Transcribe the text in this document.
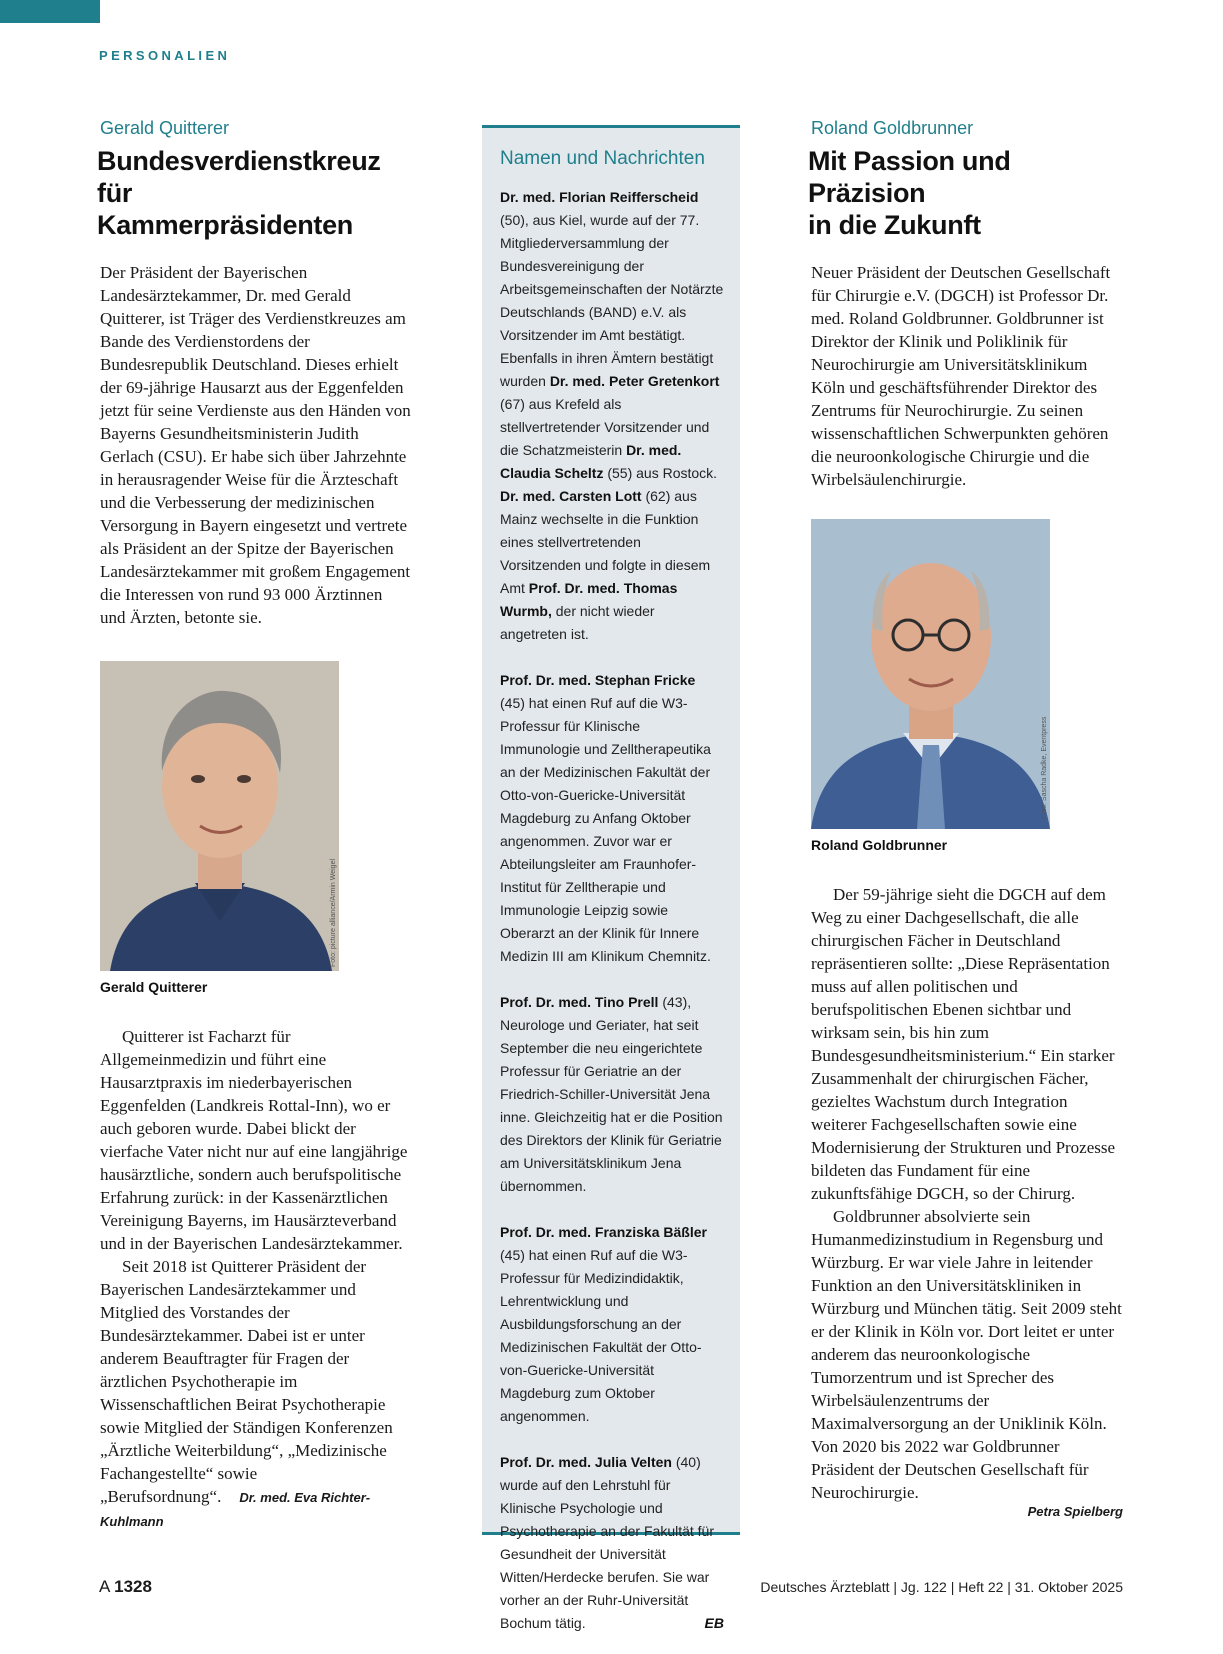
PERSONALIEN
Gerald Quitterer
Bundesverdienstkreuz für
Kammerpräsidenten

Der Präsident der Bayerischen Landesärztekammer, Dr. med Gerald Quitterer, ist Träger des Verdienstkreuzes am Bande des Verdienstordens der Bundesrepublik Deutschland. Dieses erhielt der 69-jährige Hausarzt aus der Eggenfelden jetzt für seine Verdienste aus den Händen von Bayerns Gesundheitsministerin Judith Gerlach (CSU). Er habe sich über Jahrzehnte in herausragender Weise für die Ärzteschaft und die Verbesserung der medizinischen Versorgung in Bayern eingesetzt und vertrete als Präsident an der Spitze der Bayerischen Landesärztekammer mit großem Engagement die Interessen von rund 93 000 Ärztinnen und Ärzten, betonte sie.

Foto: picture alliance/Armin Weigel
Gerald Quitterer

Quitterer ist Facharzt für Allgemeinmedizin und führt eine Hausarztpraxis im niederbayerischen Eggenfelden (Landkreis Rottal-Inn), wo er auch geboren wurde. Dabei blickt der vierfache Vater nicht nur auf eine langjährige hausärztliche, sondern auch berufspolitische Erfahrung zurück: in der Kassenärztlichen Vereinigung Bayerns, im Hausärzteverband und in der Bayerischen Landesärztekammer.

Seit 2018 ist Quitterer Präsident der Bayerischen Landesärztekammer und Mitglied des Vorstandes der Bundesärztekammer. Dabei ist er unter anderem Beauftragter für Fragen der ärztlichen Psychotherapie im Wissenschaftlichen Beirat Psychotherapie sowie Mitglied der Ständigen Konferenzen „Ärztliche Weiterbildung“, „Medizinische Fachangestellte“ sowie „Berufsordnung“. Dr. med. Eva Richter-Kuhlmann

Namen und Nachrichten

Dr. med. Florian Reifferscheid (50), aus Kiel, wurde auf der 77. Mitgliederversammlung der Bundesvereinigung der Arbeitsgemeinschaften der Notärzte Deutschlands (BAND) e.V. als Vorsitzender im Amt bestätigt. Ebenfalls in ihren Ämtern bestätigt wurden Dr. med. Peter Gretenkort (67) aus Krefeld als stellvertretender Vorsitzender und die Schatzmeisterin Dr. med. Claudia Scheltz (55) aus Rostock. Dr. med. Carsten Lott (62) aus Mainz wechselte in die Funktion eines stellvertretenden Vorsitzenden und folgte in diesem Amt Prof. Dr. med. Thomas Wurmb, der nicht wieder angetreten ist.

Prof. Dr. med. Stephan Fricke (45) hat einen Ruf auf die W3-Professur für Klinische Immunologie und Zelltherapeutika an der Medizinischen Fakultät der Otto-von-Guericke-Universität Magdeburg zu Anfang Oktober angenommen. Zuvor war er Abteilungsleiter am Fraunhofer-Institut für Zelltherapie und Immunologie Leipzig sowie Oberarzt an der Klinik für Innere Medizin III am Klinikum Chemnitz.

Prof. Dr. med. Tino Prell (43), Neurologe und Geriater, hat seit September die neu eingerichtete Professur für Geriatrie an der Friedrich-Schiller-Universität Jena inne. Gleichzeitig hat er die Position des Direktors der Klinik für Geriatrie am Universitätsklinikum Jena übernommen.

Prof. Dr. med. Franziska Bäßler (45) hat einen Ruf auf die W3-Professur für Medizindidaktik, Lehrentwicklung und Ausbildungsforschung an der Medizinischen Fakultät der Otto-von-Guericke-Universität Magdeburg zum Oktober angenommen.

Prof. Dr. med. Julia Velten (40) wurde auf den Lehrstuhl für Klinische Psychologie und Psychotherapie an der Fakultät für Gesundheit der Universität Witten/Herdecke berufen. Sie war vorher an der Ruhr-Universität Bochum tätig.	EB

Roland Goldbrunner
Mit Passion und Präzision
in die Zukunft

Neuer Präsident der Deutschen Gesellschaft für Chirurgie e.V. (DGCH) ist Professor Dr. med. Roland Goldbrunner. Goldbrunner ist Direktor der Klinik und Poliklinik für Neurochirurgie am Universitätsklinikum Köln und geschäftsführender Direktor des Zentrums für Neurochirurgie. Zu seinen wissenschaftlichen Schwerpunkten gehören die neuroonkologische Chirurgie und die Wirbelsäulenchirurgie.

Foto: Sascha Radke, Eventpress
Roland Goldbrunner

Der 59-jährige sieht die DGCH auf dem Weg zu einer Dachgesellschaft, die alle chirurgischen Fächer in Deutschland repräsentieren sollte: „Diese Repräsentation muss auf allen politischen und berufspolitischen Ebenen sichtbar und wirksam sein, bis hin zum Bundesgesundheitsministerium.“ Ein starker Zusammenhalt der chirurgischen Fächer, gezieltes Wachstum durch Integration weiterer Fachgesellschaften sowie eine Modernisierung der Strukturen und Prozesse bildeten das Fundament für eine zukunftsfähige DGCH, so der Chirurg.

Goldbrunner absolvierte sein Humanmedizinstudium in Regensburg und Würzburg. Er war viele Jahre in leitender Funktion an den Universitätskliniken in Würzburg und München tätig. Seit 2009 steht er der Klinik in Köln vor. Dort leitet er unter anderem das neuroonkologische Tumorzentrum und ist Sprecher des Wirbelsäulenzentrums der Maximalversorgung an der Uniklinik Köln. Von 2020 bis 2022 war Goldbrunner Präsident der Deutschen Gesellschaft für Neurochirurgie.

Petra Spielberg
A 1328	Deutsches Ärzteblatt | Jg. 122 | Heft 22 | 31. Oktober 2025
